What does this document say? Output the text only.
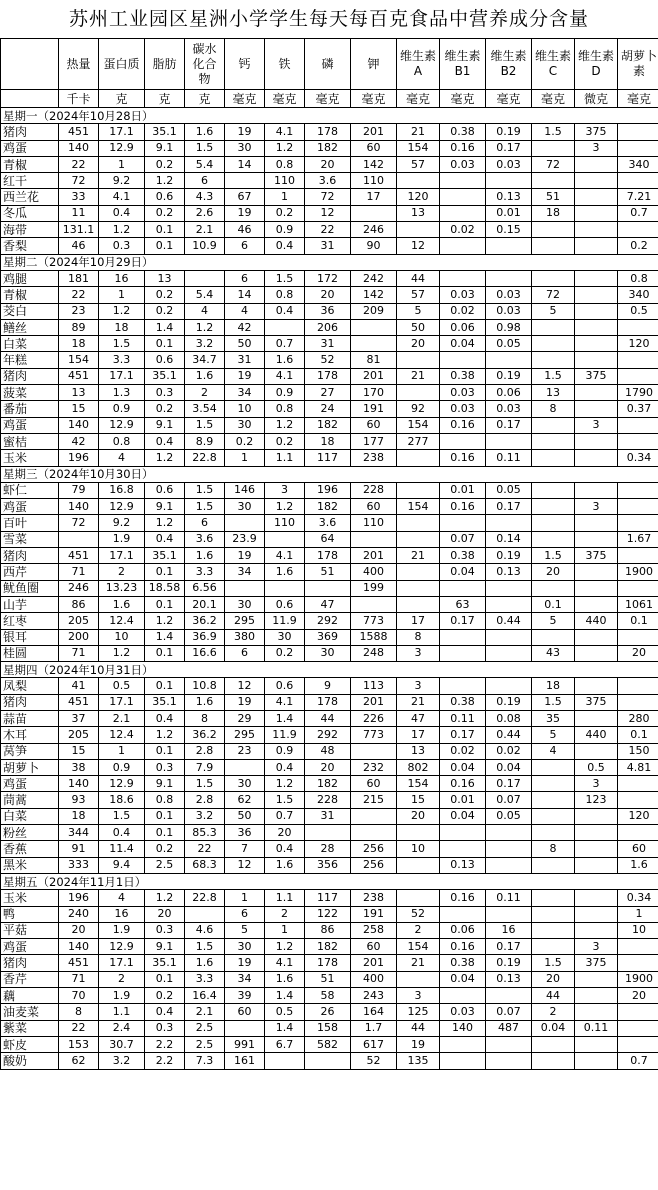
苏州工业园区星洲小学学生每天每百克食品中营养成分含量
	热量	蛋白质	脂肪	碳水化合物	钙	铁	磷	钾	维生素A	维生素B1	维生素B2	维生素C	维生素D	胡萝卜素
	千卡	克	克	克	毫克	毫克	毫克	毫克	毫克	毫克	毫克	毫克	微克	毫克
星期一（2024年10月28日）														
猪肉	451	17.1	35.1	1.6	19	4.1	178	201	21	0.38	0.19	1.5	375	
鸡蛋	140	12.9	9.1	1.5	30	1.2	182	60	154	0.16	0.17		3	
青椒	22	1	0.2	5.4	14	0.8	20	142	57	0.03	0.03	72		340
红干	72	9.2	1.2	6		110	3.6	110						
西兰花	33	4.1	0.6	4.3	67	1	72	17	120		0.13	51		7.21
冬瓜	11	0.4	0.2	2.6	19	0.2	12		13		0.01	18		0.7
海带	131.1	1.2	0.1	2.1	46	0.9	22	246		0.02	0.15			
香梨	46	0.3	0.1	10.9	6	0.4	31	90	12					0.2
星期二（2024年10月29日）														
鸡腿	181	16	13		6	1.5	172	242	44					0.8
青椒	22	1	0.2	5.4	14	0.8	20	142	57	0.03	0.03	72		340
茭白	23	1.2	0.2	4	4	0.4	36	209	5	0.02	0.03	5		0.5
鳝丝	89	18	1.4	1.2	42		206		50	0.06	0.98			
白菜	18	1.5	0.1	3.2	50	0.7	31		20	0.04	0.05			120
年糕	154	3.3	0.6	34.7	31	1.6	52	81						
猪肉	451	17.1	35.1	1.6	19	4.1	178	201	21	0.38	0.19	1.5	375	
菠菜	13	1.3	0.3	2	34	0.9	27	170		0.03	0.06	13		1790
番茄	15	0.9	0.2	3.54	10	0.8	24	191	92	0.03	0.03	8		0.37
鸡蛋	140	12.9	9.1	1.5	30	1.2	182	60	154	0.16	0.17		3	
蜜桔	42	0.8	0.4	8.9	0.2	0.2	18	177	277					
玉米	196	4	1.2	22.8	1	1.1	117	238		0.16	0.11			0.34
星期三（2024年10月30日）														
虾仁	79	16.8	0.6	1.5	146	3	196	228		0.01	0.05			
鸡蛋	140	12.9	9.1	1.5	30	1.2	182	60	154	0.16	0.17		3	
百叶	72	9.2	1.2	6		110	3.6	110						
雪菜		1.9	0.4	3.6	23.9		64			0.07	0.14			1.67
猪肉	451	17.1	35.1	1.6	19	4.1	178	201	21	0.38	0.19	1.5	375	
西芹	71	2	0.1	3.3	34	1.6	51	400		0.04	0.13	20		1900
鱿鱼圈	246	13.23	18.58	6.56				199						
山芋	86	1.6	0.1	20.1	30	0.6	47			63		0.1		1061
红枣	205	12.4	1.2	36.2	295	11.9	292	773	17	0.17	0.44	5	440	0.1
银耳	200	10	1.4	36.9	380	30	369	1588	8					
桂圆	71	1.2	0.1	16.6	6	0.2	30	248	3			43		20
星期四（2024年10月31日）														
凤梨	41	0.5	0.1	10.8	12	0.6	9	113	3			18		
猪肉	451	17.1	35.1	1.6	19	4.1	178	201	21	0.38	0.19	1.5	375	
蒜苗	37	2.1	0.4	8	29	1.4	44	226	47	0.11	0.08	35		280
木耳	205	12.4	1.2	36.2	295	11.9	292	773	17	0.17	0.44	5	440	0.1
莴笋	15	1	0.1	2.8	23	0.9	48		13	0.02	0.02	4		150
胡萝卜	38	0.9	0.3	7.9		0.4	20	232	802	0.04	0.04		0.5	4.81
鸡蛋	140	12.9	9.1	1.5	30	1.2	182	60	154	0.16	0.17		3	
茼蒿	93	18.6	0.8	2.8	62	1.5	228	215	15	0.01	0.07		123	
白菜	18	1.5	0.1	3.2	50	0.7	31		20	0.04	0.05			120
粉丝	344	0.4	0.1	85.3	36	20								
香蕉	91	11.4	0.2	22	7	0.4	28	256	10			8		60
黑米	333	9.4	2.5	68.3	12	1.6	356	256		0.13				1.6
星期五（2024年11月1日）														
玉米	196	4	1.2	22.8	1	1.1	117	238		0.16	0.11			0.34
鸭	240	16	20		6	2	122	191	52					1
平菇	20	1.9	0.3	4.6	5	1	86	258	2	0.06	16			10
鸡蛋	140	12.9	9.1	1.5	30	1.2	182	60	154	0.16	0.17		3	
猪肉	451	17.1	35.1	1.6	19	4.1	178	201	21	0.38	0.19	1.5	375	
香芹	71	2	0.1	3.3	34	1.6	51	400		0.04	0.13	20		1900
藕	70	1.9	0.2	16.4	39	1.4	58	243	3			44		20
油麦菜	8	1.1	0.4	2.1	60	0.5	26	164	125	0.03	0.07	2		
紫菜	22	2.4	0.3	2.5		1.4	158	1.7	44	140	487	0.04	0.11	
虾皮	153	30.7	2.2	2.5	991	6.7	582	617	19					
酸奶	62	3.2	2.2	7.3	161			52	135					0.7
